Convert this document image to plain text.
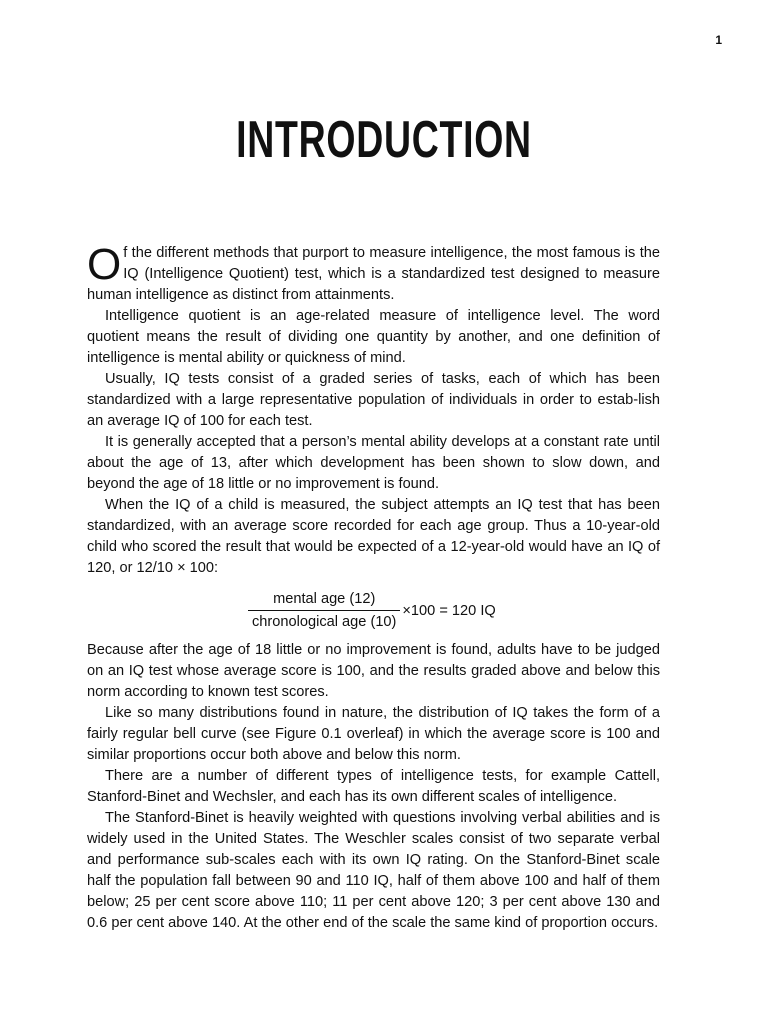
1
INTRODUCTION

Of the different methods that purport to measure intelligence, the most famous is the IQ (Intelligence Quotient) test, which is a standardized test designed to measure human intelligence as distinct from attainments.

Intelligence quotient is an age-related measure of intelligence level. The word quotient means the result of dividing one quantity by another, and one definition of intelligence is mental ability or quickness of mind.

Usually, IQ tests consist of a graded series of tasks, each of which has been standardized with a large representative population of individuals in order to estab-lish an average IQ of 100 for each test.

It is generally accepted that a person’s mental ability develops at a constant rate until about the age of 13, after which development has been shown to slow down, and beyond the age of 18 little or no improvement is found.

When the IQ of a child is measured, the subject attempts an IQ test that has been standardized, with an average score recorded for each age group. Thus a 10-year-old child who scored the result that would be expected of a 12-year-old would have an IQ of 120, or 12/10 × 100:

$\frac{\text{mental age (12)}}{\text{chronological age (10)}} \times 100 = 120$ IQ

Because after the age of 18 little or no improvement is found, adults have to be judged on an IQ test whose average score is 100, and the results graded above and below this norm according to known test scores.

Like so many distributions found in nature, the distribution of IQ takes the form of a fairly regular bell curve (see Figure 0.1 overleaf) in which the average score is 100 and similar proportions occur both above and below this norm.

There are a number of different types of intelligence tests, for example Cattell, Stanford-Binet and Wechsler, and each has its own different scales of intelligence.

The Stanford-Binet is heavily weighted with questions involving verbal abilities and is widely used in the United States. The Weschler scales consist of two separate verbal and performance sub-scales each with its own IQ rating. On the Stanford-Binet scale half the population fall between 90 and 110 IQ, half of them above 100 and half of them below; 25 per cent score above 110; 11 per cent above 120; 3 per cent above 130 and 0.6 per cent above 140. At the other end of the scale the same kind of proportion occurs.
